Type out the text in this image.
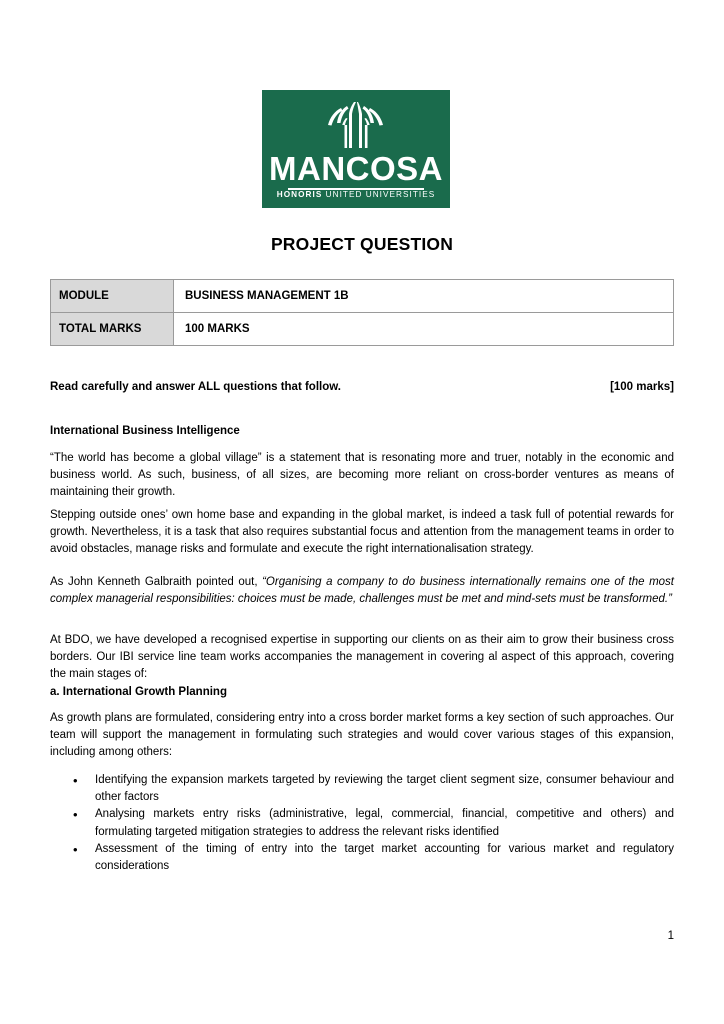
MANCOSA
HONORIS UNITED UNIVERSITIES
PROJECT QUESTION
MODULE	BUSINESS MANAGEMENT 1B
TOTAL MARKS	100 MARKS
Read carefully and answer ALL questions that follow.	[100 marks]
International Business Intelligence
“The world has become a global village” is a statement that is resonating more and truer, notably in the economic and business world. As such, business, of all sizes, are becoming more reliant on cross-border ventures as means of maintaining their growth.
Stepping outside ones’ own home base and expanding in the global market, is indeed a task full of potential rewards for growth. Nevertheless, it is a task that also requires substantial focus and attention from the management teams in order to avoid obstacles, manage risks and formulate and execute the right internationalisation strategy.
As John Kenneth Galbraith pointed out, “Organising a company to do business internationally remains one of the most complex managerial responsibilities: choices must be made, challenges must be met and mind-sets must be transformed.”
At BDO, we have developed a recognised expertise in supporting our clients on as their aim to grow their business cross borders. Our IBI service line team works accompanies the management in covering al aspect of this approach, covering the main stages of:
a. International Growth Planning
As growth plans are formulated, considering entry into a cross border market forms a key section of such approaches. Our team will support the management in formulating such strategies and would cover various stages of this expansion, including among others:
• Identifying the expansion markets targeted by reviewing the target client segment size, consumer behaviour and other factors
• Analysing markets entry risks (administrative, legal, commercial, financial, competitive and others) and formulating targeted mitigation strategies to address the relevant risks identified
• Assessment of the timing of entry into the target market accounting for various market and regulatory considerations
1
